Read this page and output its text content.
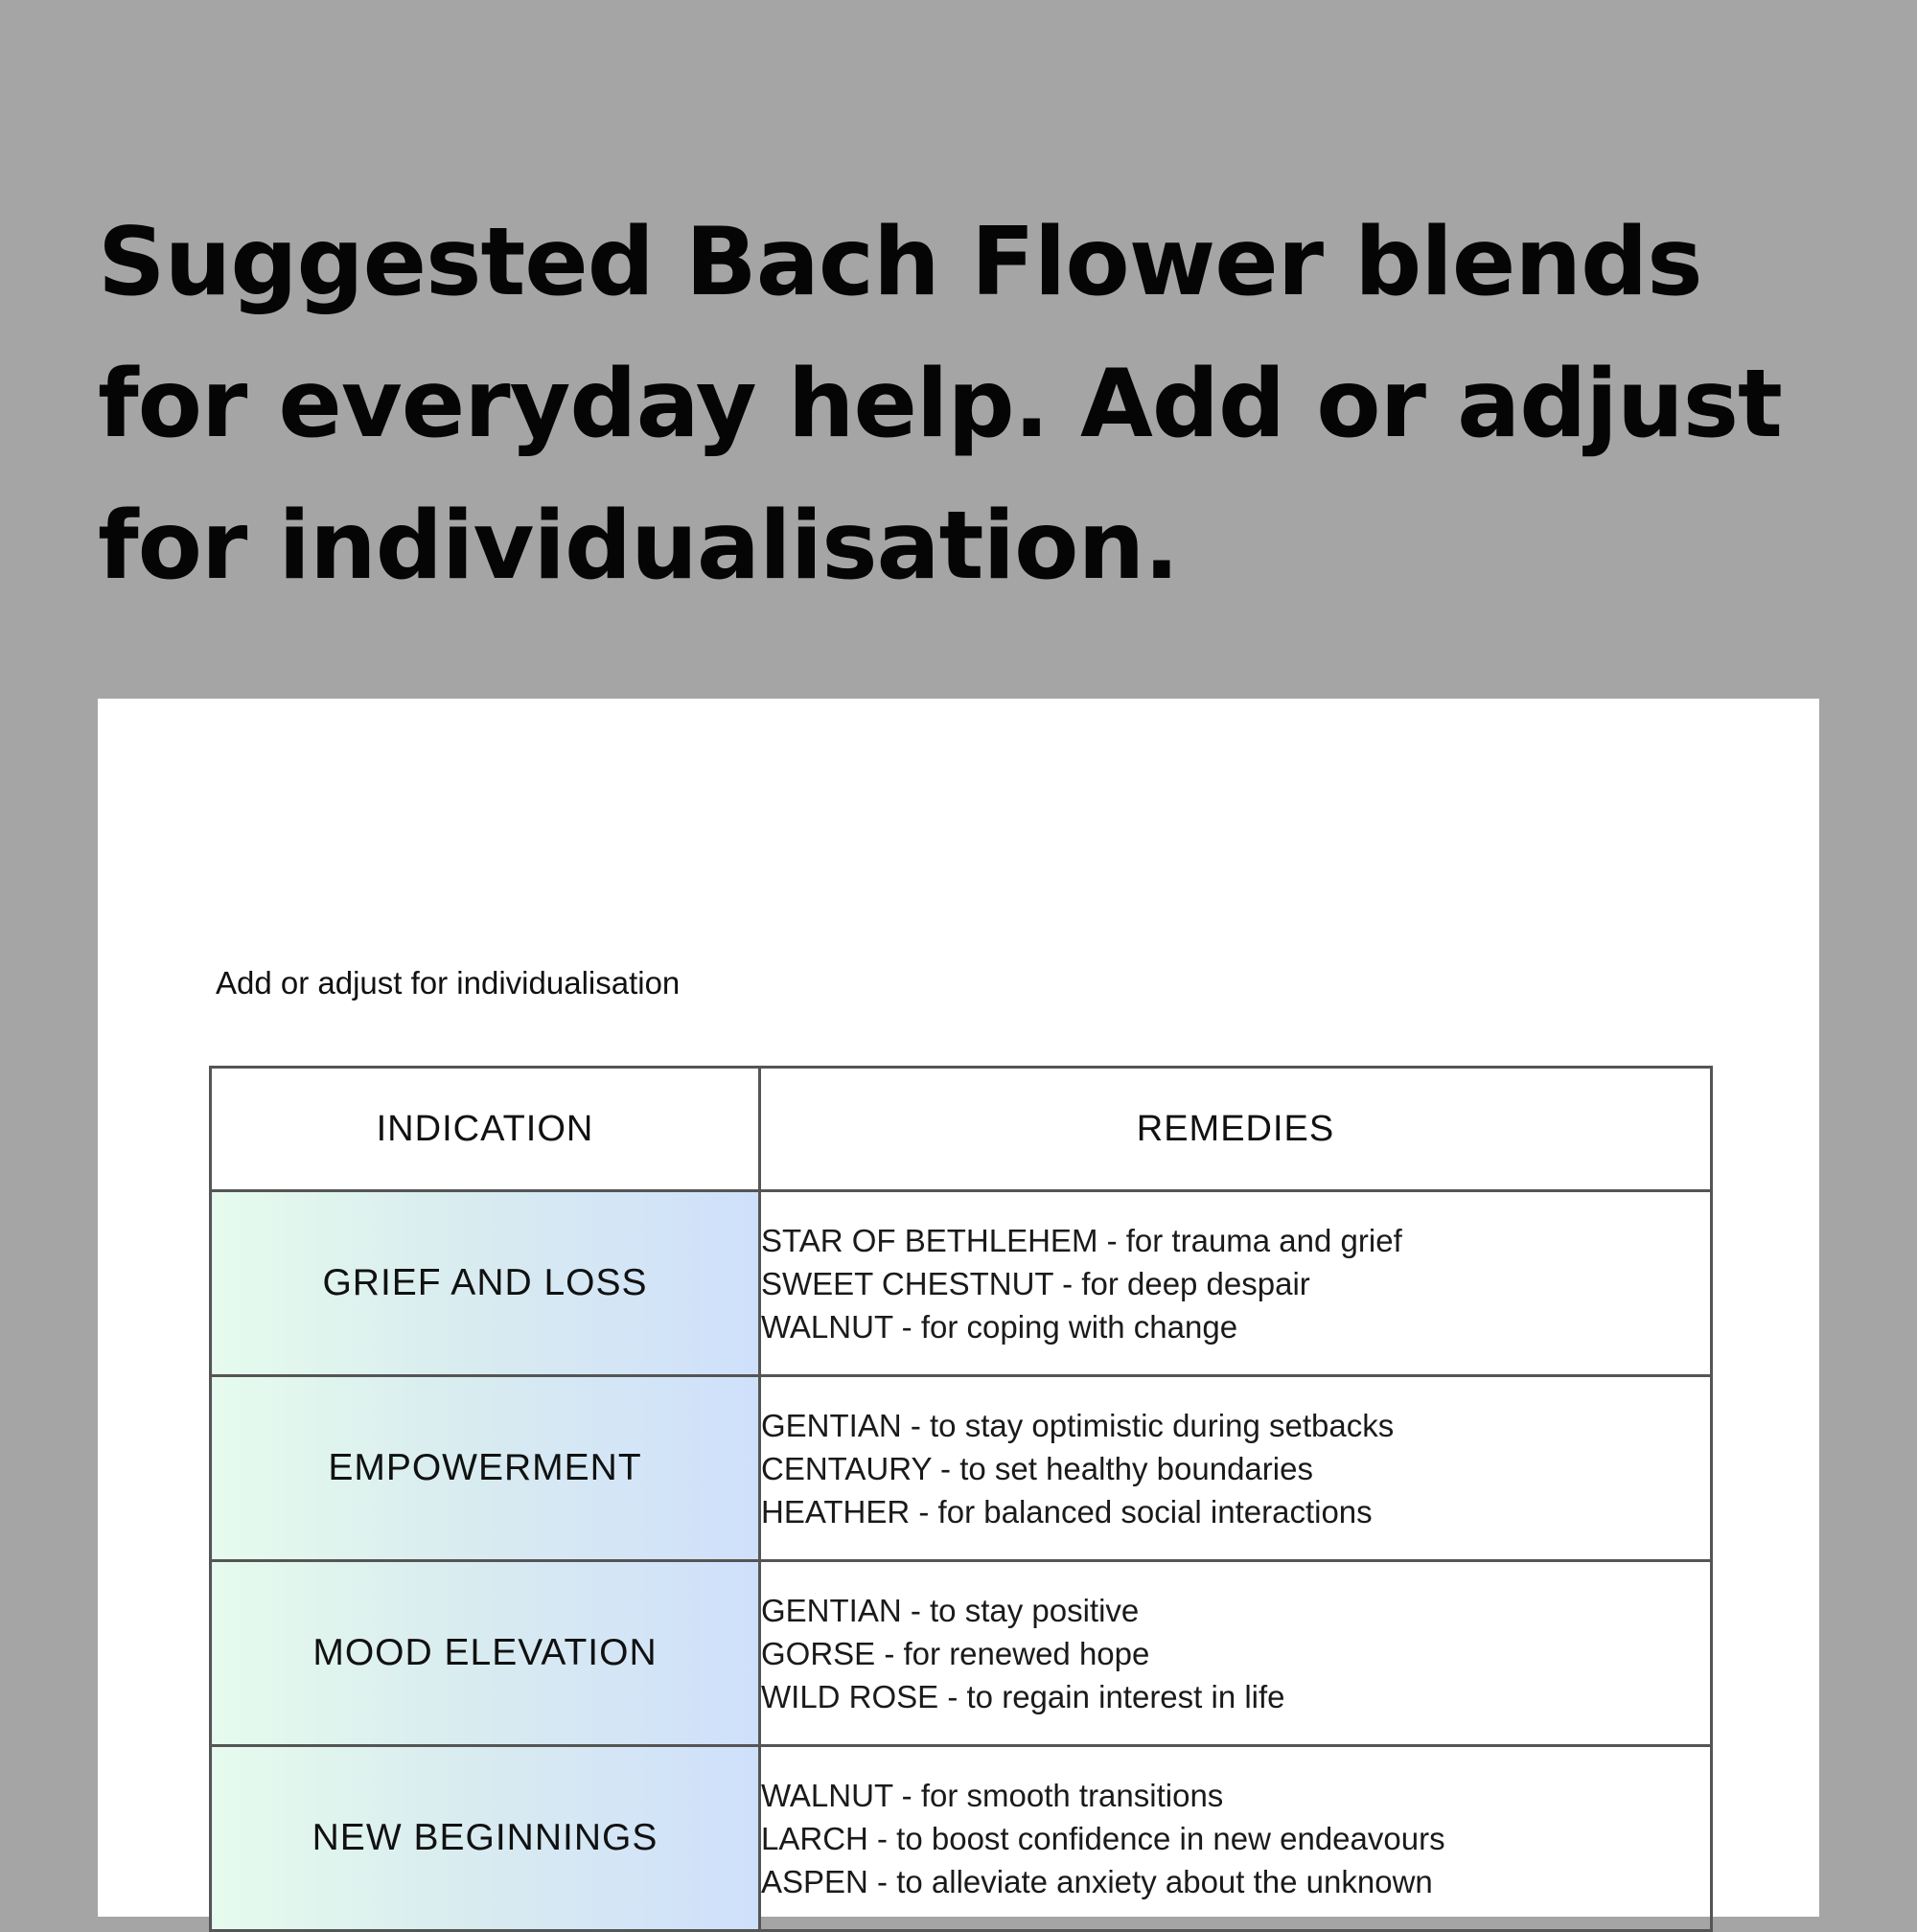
Suggested Bach Flower blends for everyday help. Add or adjust for individualisation.
Add or adjust for individualisation
INDICATION	REMEDIES
GRIEF AND LOSS	STAR OF BETHLEHEM - for trauma and grief
SWEET CHESTNUT - for deep despair
WALNUT - for coping with change

EMPOWERMENT	GENTIAN - to stay optimistic during setbacks
CENTAURY - to set healthy boundaries
HEATHER - for balanced social interactions

MOOD ELEVATION	GENTIAN - to stay positive
GORSE - for renewed hope
WILD ROSE - to regain interest in life

NEW BEGINNINGS	WALNUT - for smooth transitions
LARCH - to boost confidence in new endeavours
ASPEN - to alleviate anxiety about the unknown
